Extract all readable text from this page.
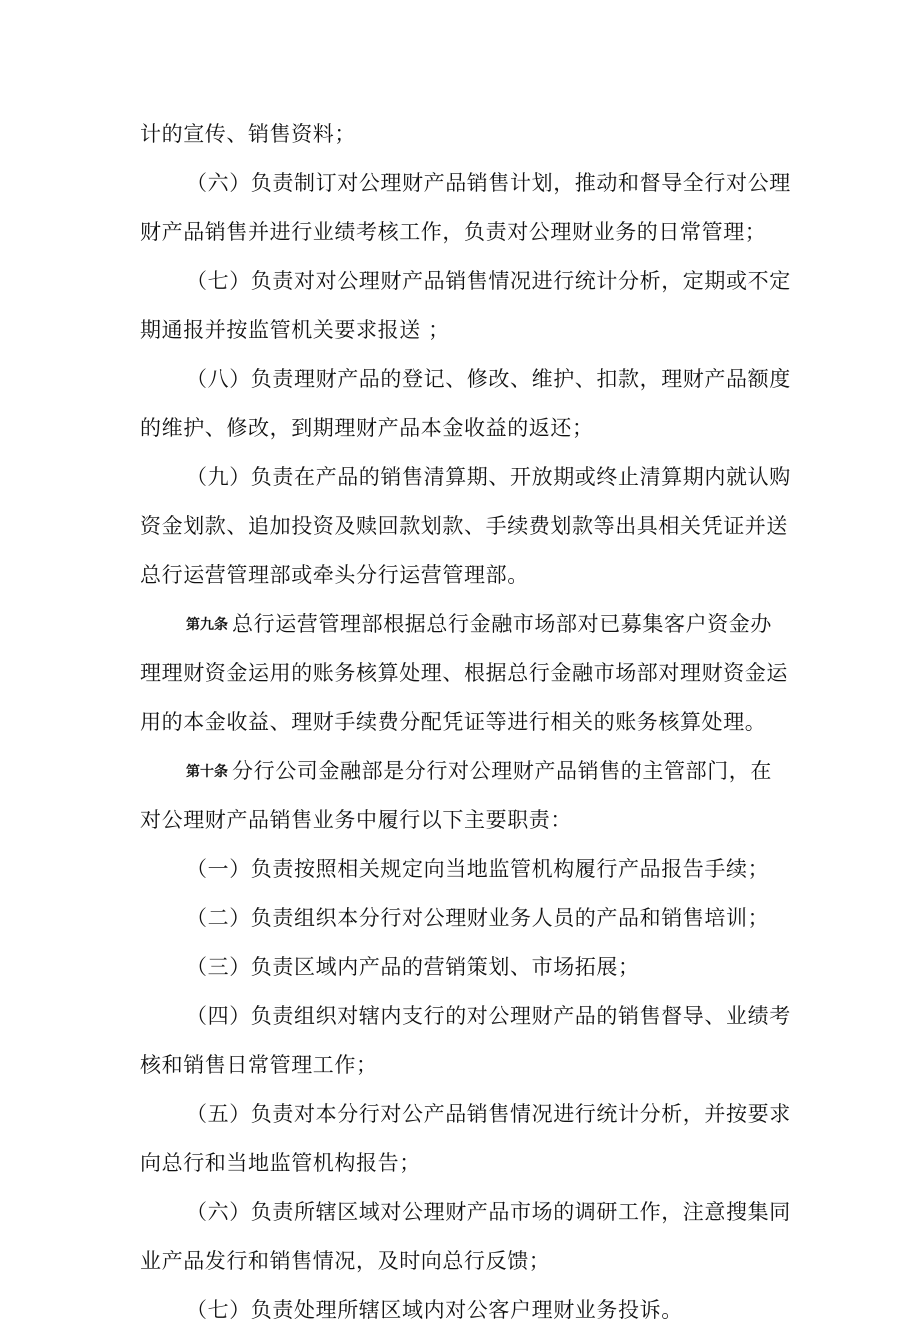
计的宣传、销售资料；
（六）负责制订对公理财产品销售计划，推动和督导全行对公理
财产品销售并进行业绩考核工作，负责对公理财业务的日常管理；
（七）负责对对公理财产品销售情况进行统计分析，定期或不定
期通报并按监管机关要求报送 ；
（八）负责理财产品的登记、修改、维护、扣款，理财产品额度
的维护、修改，到期理财产品本金收益的返还；
（九）负责在产品的销售清算期、开放期或终止清算期内就认购
资金划款、追加投资及赎回款划款、手续费划款等出具相关凭证并送
总行运营管理部或牵头分行运营管理部。
第九条 总行运营管理部根据总行金融市场部对已募集客户资金办
理理财资金运用的账务核算处理、根据总行金融市场部对理财资金运
用的本金收益、理财手续费分配凭证等进行相关的账务核算处理。
第十条 分行公司金融部是分行对公理财产品销售的主管部门，在
对公理财产品销售业务中履行以下主要职责：
（一）负责按照相关规定向当地监管机构履行产品报告手续；
（二）负责组织本分行对公理财业务人员的产品和销售培训；
（三）负责区域内产品的营销策划、市场拓展；
（四）负责组织对辖内支行的对公理财产品的销售督导、业绩考
核和销售日常管理工作；
（五）负责对本分行对公产品销售情况进行统计分析，并按要求
向总行和当地监管机构报告；
（六）负责所辖区域对公理财产品市场的调研工作，注意搜集同
业产品发行和销售情况，及时向总行反馈；
（七）负责处理所辖区域内对公客户理财业务投诉。
